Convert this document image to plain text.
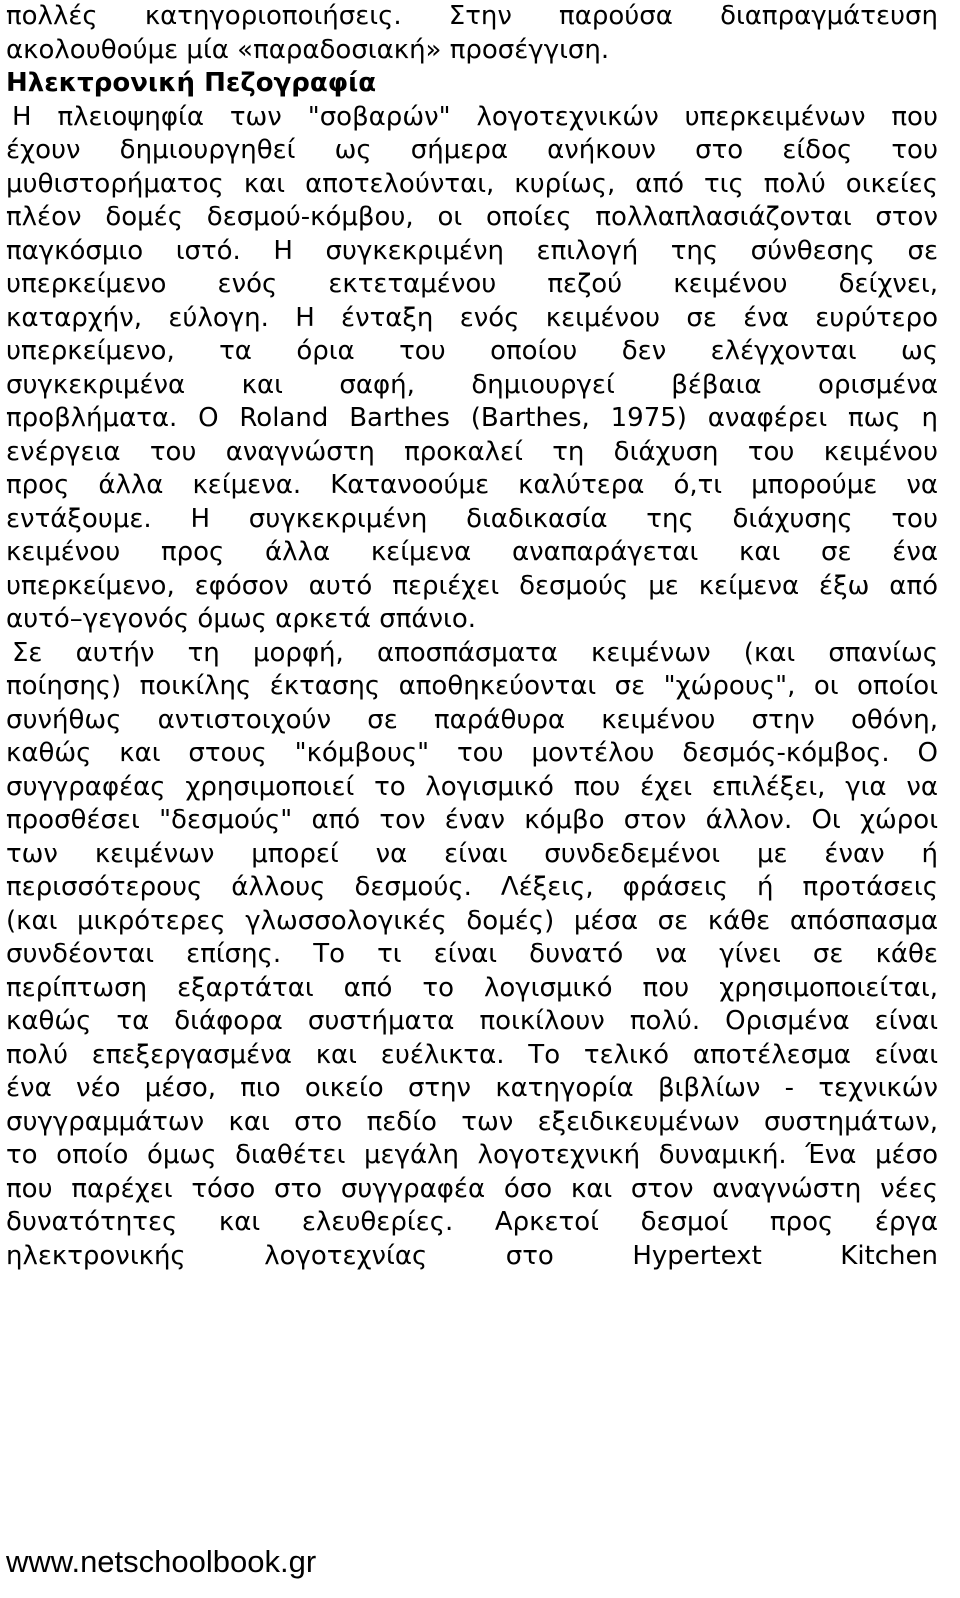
πολλές κατηγοριοποιήσεις. Στην παρούσα διαπραγμάτευση
ακολουθούμε μία «παραδοσιακή» προσέγγιση.
Ηλεκτρονική Πεζογραφία
Η πλειοψηφία των "σοβαρών" λογοτεχνικών υπερκειμένων που
έχουν δημιουργηθεί ως σήμερα ανήκουν στο είδος του
μυθιστορήματος και αποτελούνται, κυρίως, από τις πολύ οικείες
πλέον δομές δεσμού-κόμβου, οι οποίες πολλαπλασιάζονται στον
παγκόσμιο ιστό. Η συγκεκριμένη επιλογή της σύνθεσης σε
υπερκείμενο ενός εκτεταμένου πεζού κειμένου δείχνει,
καταρχήν, εύλογη. Η ένταξη ενός κειμένου σε ένα ευρύτερο
υπερκείμενο, τα όρια του οποίου δεν ελέγχονται ως
συγκεκριμένα και σαφή, δημιουργεί βέβαια ορισμένα
προβλήματα. Ο Roland Barthes (Barthes, 1975) αναφέρει πως η
ενέργεια του αναγνώστη προκαλεί τη διάχυση του κειμένου
προς άλλα κείμενα. Κατανοούμε καλύτερα ό,τι μπορούμε να
εντάξουμε. Η συγκεκριμένη διαδικασία της διάχυσης του
κειμένου προς άλλα κείμενα αναπαράγεται και σε ένα
υπερκείμενο, εφόσον αυτό περιέχει δεσμούς με κείμενα έξω από
αυτό–γεγονός όμως αρκετά σπάνιο.
Σε αυτήν τη μορφή, αποσπάσματα κειμένων (και σπανίως
ποίησης) ποικίλης έκτασης αποθηκεύονται σε "χώρους", οι οποίοι
συνήθως αντιστοιχούν σε παράθυρα κειμένου στην οθόνη,
καθώς και στους "κόμβους" του μοντέλου δεσμός-κόμβος. Ο
συγγραφέας χρησιμοποιεί το λογισμικό που έχει επιλέξει, για να
προσθέσει "δεσμούς" από τον έναν κόμβο στον άλλον. Οι χώροι
των κειμένων μπορεί να είναι συνδεδεμένοι με έναν ή
περισσότερους άλλους δεσμούς. Λέξεις, φράσεις ή προτάσεις
(και μικρότερες γλωσσολογικές δομές) μέσα σε κάθε απόσπασμα
συνδέονται επίσης. Το τι είναι δυνατό να γίνει σε κάθε
περίπτωση εξαρτάται από το λογισμικό που χρησιμοποιείται,
καθώς τα διάφορα συστήματα ποικίλουν πολύ. Ορισμένα είναι
πολύ επεξεργασμένα και ευέλικτα. Το τελικό αποτέλεσμα είναι
ένα νέο μέσο, πιο οικείο στην κατηγορία βιβλίων - τεχνικών
συγγραμμάτων και στο πεδίο των εξειδικευμένων συστημάτων,
το οποίο όμως διαθέτει μεγάλη λογοτεχνική δυναμική. Ένα μέσο
που παρέχει τόσο στο συγγραφέα όσο και στον αναγνώστη νέες
δυνατότητες και ελευθερίες. Αρκετοί δεσμοί προς έργα
ηλεκτρονικής λογοτεχνίας στο Hypertext Kitchen
www.netschoolbook.gr
